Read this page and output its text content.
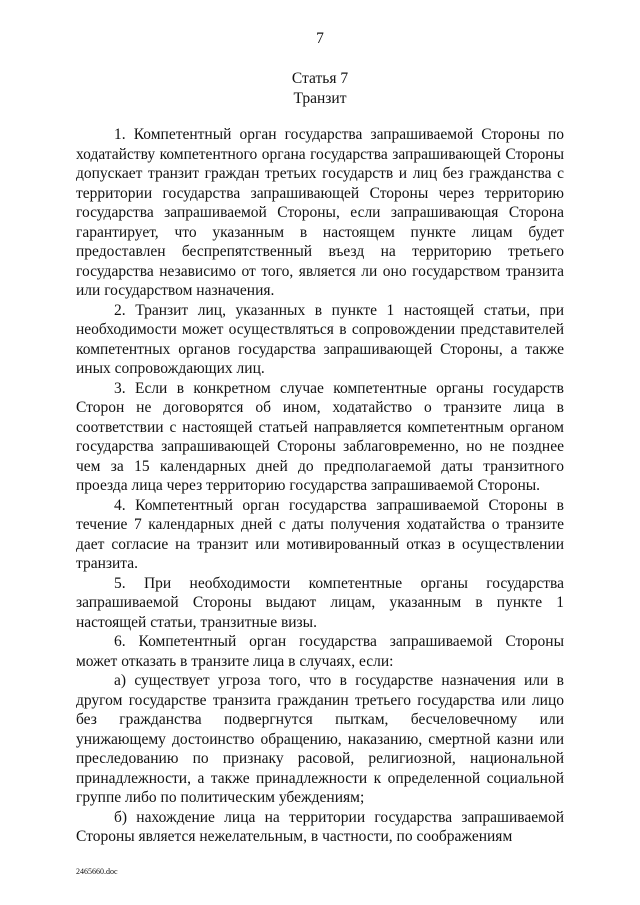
7
Статья 7
Транзит

1. Компетентный орган государства запрашиваемой Стороны по ходатайству компетентного органа государства запрашивающей Стороны допускает транзит граждан третьих государств и лиц без гражданства с территории государства запрашивающей Стороны через территорию государства запрашиваемой Стороны, если запрашивающая Сторона гарантирует, что указанным в настоящем пункте лицам будет предоставлен беспрепятственный въезд на территорию третьего государства независимо от того, является ли оно государством транзита или государством назначения.

2. Транзит лиц, указанных в пункте 1 настоящей статьи, при необходимости может осуществляться в сопровождении представителей компетентных органов государства запрашивающей Стороны, а также иных сопровождающих лиц.

3. Если в конкретном случае компетентные органы государств Сторон не договорятся об ином, ходатайство о транзите лица в соответствии с настоящей статьей направляется компетентным органом государства запрашивающей Стороны заблаговременно, но не позднее чем за 15 календарных дней до предполагаемой даты транзитного проезда лица через территорию государства запрашиваемой Стороны.

4. Компетентный орган государства запрашиваемой Стороны в течение 7 календарных дней с даты получения ходатайства о транзите дает согласие на транзит или мотивированный отказ в осуществлении транзита.

5. При необходимости компетентные органы государства запрашиваемой Стороны выдают лицам, указанным в пункте 1 настоящей статьи, транзитные визы.

6. Компетентный орган государства запрашиваемой Стороны может отказать в транзите лица в случаях, если:

а) существует угроза того, что в государстве назначения или в другом государстве транзита гражданин третьего государства или лицо без гражданства подвергнутся пыткам, бесчеловечному или унижающему достоинство обращению, наказанию, смертной казни или преследованию по признаку расовой, религиозной, национальной принадлежности, а также принадлежности к определенной социальной группе либо по политическим убеждениям;

б) нахождение лица на территории государства запрашиваемой Стороны является нежелательным, в частности, по соображениям

2465660.doc
